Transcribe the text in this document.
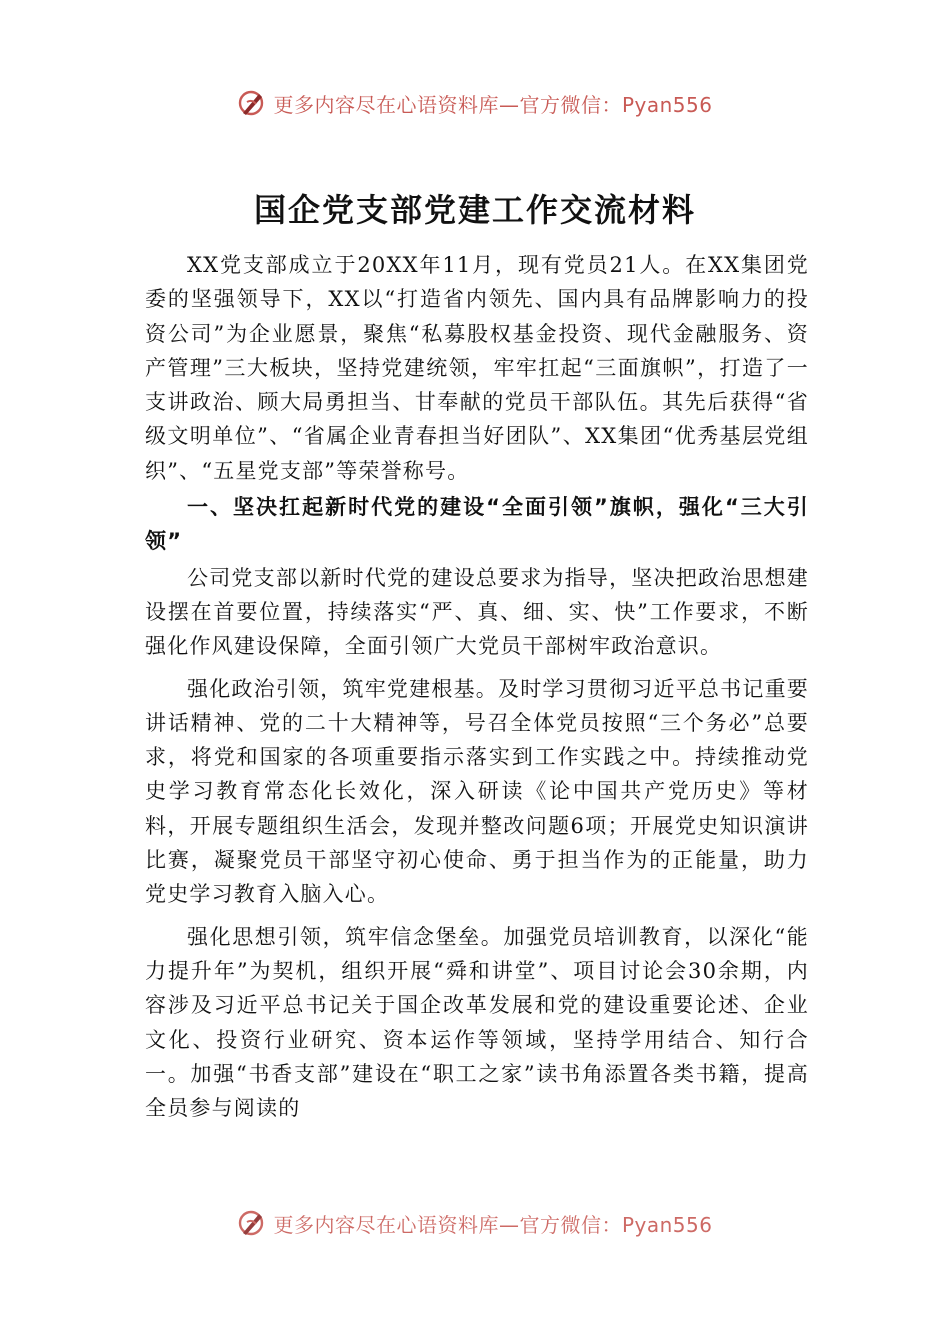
更多内容尽在心语资料库—官方微信：Pyan556
国企党支部党建工作交流材料

XX党支部成立于20XX年11月，现有党员21人。在XX集团党委的坚强领导下，XX以“打造省内领先、国内具有品牌影响力的投资公司”为企业愿景，聚焦“私募股权基金投资、现代金融服务、资产管理”三大板块，坚持党建统领，牢牢扛起“三面旗帜”，打造了一支讲政治、顾大局勇担当、甘奉献的党员干部队伍。其先后获得“省级文明单位”、“省属企业青春担当好团队”、XX集团“优秀基层党组织”、“五星党支部”等荣誉称号。

一、坚决扛起新时代党的建设“全面引领”旗帜，强化“三大引领”

公司党支部以新时代党的建设总要求为指导，坚决把政治思想建设摆在首要位置，持续落实“严、真、细、实、快”工作要求，不断强化作风建设保障，全面引领广大党员干部树牢政治意识。

强化政治引领，筑牢党建根基。及时学习贯彻习近平总书记重要讲话精神、党的二十大精神等，号召全体党员按照“三个务必”总要求，将党和国家的各项重要指示落实到工作实践之中。持续推动党史学习教育常态化长效化，深入研读《论中国共产党历史》等材料，开展专题组织生活会，发现并整改问题6项；开展党史知识演讲比赛，凝聚党员干部坚守初心使命、勇于担当作为的正能量，助力党史学习教育入脑入心。

强化思想引领，筑牢信念堡垒。加强党员培训教育，以深化“能力提升年”为契机，组织开展“舜和讲堂”、项目讨论会30余期，内容涉及习近平总书记关于国企改革发展和党的建设重要论述、企业文化、投资行业研究、资本运作等领域，坚持学用结合、知行合一。加强“书香支部”建设在“职工之家”读书角添置各类书籍，提高全员参与阅读的

更多内容尽在心语资料库—官方微信：Pyan556
